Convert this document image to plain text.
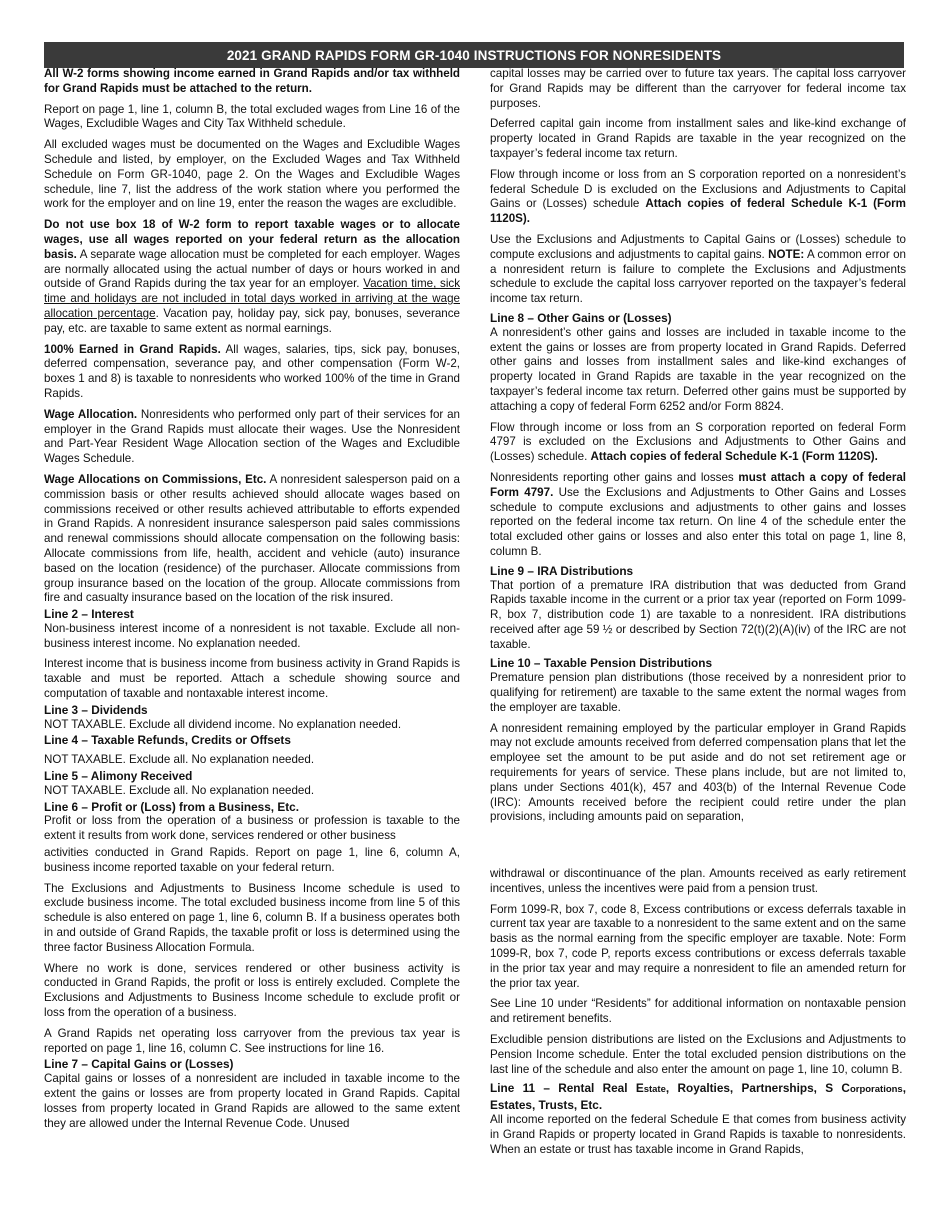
2021 GRAND RAPIDS FORM GR-1040 INSTRUCTIONS FOR NONRESIDENTS

All W-2 forms showing income earned in Grand Rapids and/or tax withheld for Grand Rapids must be attached to the return.

Report on page 1, line 1, column B, the total excluded wages from Line 16 of the Wages, Excludible Wages and City Tax Withheld schedule.

All excluded wages must be documented on the Wages and Excludible Wages Schedule and listed, by employer, on the Excluded Wages and Tax Withheld Schedule on Form GR-1040, page 2. On the Wages and Excludible Wages schedule, line 7, list the address of the work station where you performed the work for the employer and on line 19, enter the reason the wages are excludible.

Do not use box 18 of W-2 form to report taxable wages or to allocate wages, use all wages reported on your federal return as the allocation basis. A separate wage allocation must be completed for each employer. Wages are normally allocated using the actual number of days or hours worked in and outside of Grand Rapids during the tax year for an employer. Vacation time, sick time and holidays are not included in total days worked in arriving at the wage allocation percentage. Vacation pay, holiday pay, sick pay, bonuses, severance pay, etc. are taxable to same extent as normal earnings.

100% Earned in Grand Rapids. All wages, salaries, tips, sick pay, bonuses, deferred compensation, severance pay, and other compensation (Form W-2, boxes 1 and 8) is taxable to nonresidents who worked 100% of the time in Grand Rapids.

Wage Allocation. Nonresidents who performed only part of their services for an employer in the Grand Rapids must allocate their wages. Use the Nonresident and Part-Year Resident Wage Allocation section of the Wages and Excludible Wages Schedule.

Wage Allocations on Commissions, Etc. A nonresident salesperson paid on a commission basis or other results achieved should allocate wages based on commissions received or other results achieved attributable to efforts expended in Grand Rapids. A nonresident insurance salesperson paid sales commissions and renewal commissions should allocate compensation on the following basis: Allocate commissions from life, health, accident and vehicle (auto) insurance based on the location (residence) of the purchaser. Allocate commissions from group insurance based on the location of the group. Allocate commissions from fire and casualty insurance based on the location of the risk insured.

Line 2 – Interest

Non-business interest income of a nonresident is not taxable. Exclude all non-business interest income. No explanation needed.

Interest income that is business income from business activity in Grand Rapids is taxable and must be reported. Attach a schedule showing source and computation of taxable and nontaxable interest income.

Line 3 – Dividends

NOT TAXABLE. Exclude all dividend income. No explanation needed.

Line 4 – Taxable Refunds, Credits or Offsets

NOT TAXABLE. Exclude all. No explanation needed.

Line 5 – Alimony Received

NOT TAXABLE. Exclude all. No explanation needed.

Line 6 – Profit or (Loss) from a Business, Etc.

Profit or loss from the operation of a business or profession is taxable to the extent it results from work done, services rendered or other business

activities conducted in Grand Rapids. Report on page 1, line 6, column A, business income reported taxable on your federal return.

The Exclusions and Adjustments to Business Income schedule is used to exclude business income. The total excluded business income from line 5 of this schedule is also entered on page 1, line 6, column B. If a business operates both in and outside of Grand Rapids, the taxable profit or loss is determined using the three factor Business Allocation Formula.

Where no work is done, services rendered or other business activity is conducted in Grand Rapids, the profit or loss is entirely excluded. Complete the Exclusions and Adjustments to Business Income schedule to exclude profit or loss from the operation of a business.

A Grand Rapids net operating loss carryover from the previous tax year is reported on page 1, line 16, column C. See instructions for line 16.

Line 7 – Capital Gains or (Losses)

Capital gains or losses of a nonresident are included in taxable income to the extent the gains or losses are from property located in Grand Rapids. Capital losses from property located in Grand Rapids are allowed to the same extent they are allowed under the Internal Revenue Code. Unused

capital losses may be carried over to future tax years. The capital loss carryover for Grand Rapids may be different than the carryover for federal income tax purposes.

Deferred capital gain income from installment sales and like-kind exchange of property located in Grand Rapids are taxable in the year recognized on the taxpayer’s federal income tax return.

Flow through income or loss from an S corporation reported on a nonresident’s federal Schedule D is excluded on the Exclusions and Adjustments to Capital Gains or (Losses) schedule Attach copies of federal Schedule K-1 (Form 1120S).

Use the Exclusions and Adjustments to Capital Gains or (Losses) schedule to compute exclusions and adjustments to capital gains. NOTE: A common error on a nonresident return is failure to complete the Exclusions and Adjustments schedule to exclude the capital loss carryover reported on the taxpayer’s federal income tax return.

Line 8 – Other Gains or (Losses)

A nonresident’s other gains and losses are included in taxable income to the extent the gains or losses are from property located in Grand Rapids. Deferred other gains and losses from installment sales and like-kind exchanges of property located in Grand Rapids are taxable in the year recognized on the taxpayer’s federal income tax return. Deferred other gains must be supported by attaching a copy of federal Form 6252 and/or Form 8824.

Flow through income or loss from an S corporation reported on federal Form 4797 is excluded on the Exclusions and Adjustments to Other Gains and (Losses) schedule. Attach copies of federal Schedule K-1 (Form 1120S).

Nonresidents reporting other gains and losses must attach a copy of federal Form 4797. Use the Exclusions and Adjustments to Other Gains and Losses schedule to compute exclusions and adjustments to other gains and losses reported on the federal income tax return. On line 4 of the schedule enter the total excluded other gains or losses and also enter this total on page 1, line 8, column B.

Line 9 – IRA Distributions

That portion of a premature IRA distribution that was deducted from Grand Rapids taxable income in the current or a prior tax year (reported on Form 1099-R, box 7, distribution code 1) are taxable to a nonresident. IRA distributions received after age 59 ½ or described by Section 72(t)(2)(A)(iv) of the IRC are not taxable.

Line 10 – Taxable Pension Distributions

Premature pension plan distributions (those received by a nonresident prior to qualifying for retirement) are taxable to the same extent the normal wages from the employer are taxable.

A nonresident remaining employed by the particular employer in Grand Rapids may not exclude amounts received from deferred compensation plans that let the employee set the amount to be put aside and do not set retirement age or requirements for years of service. These plans include, but are not limited to, plans under Sections 401(k), 457 and 403(b) of the Internal Revenue Code (IRC): Amounts received before the recipient could retire under the plan provisions, including amounts paid on separation,

withdrawal or discontinuance of the plan. Amounts received as early retirement incentives, unless the incentives were paid from a pension trust.

Form 1099-R, box 7, code 8, Excess contributions or excess deferrals taxable in current tax year are taxable to a nonresident to the same extent and on the same basis as the normal earning from the specific employer are taxable. Note: Form 1099-R, box 7, code P, reports excess contributions or excess deferrals taxable in the prior tax year and may require a nonresident to file an amended return for the prior tax year.

See Line 10 under “Residents” for additional information on nontaxable pension and retirement benefits.

Excludible pension distributions are listed on the Exclusions and Adjustments to Pension Income schedule. Enter the total excluded pension distributions on the last line of the schedule and also enter the amount on page 1, line 10, column B.

Line 11 – Rental Real Estate, Royalties, Partnerships, S Corporations, Estates, Trusts, Etc.

All income reported on the federal Schedule E that comes from business activity in Grand Rapids or property located in Grand Rapids is taxable to nonresidents. When an estate or trust has taxable income in Grand Rapids,
